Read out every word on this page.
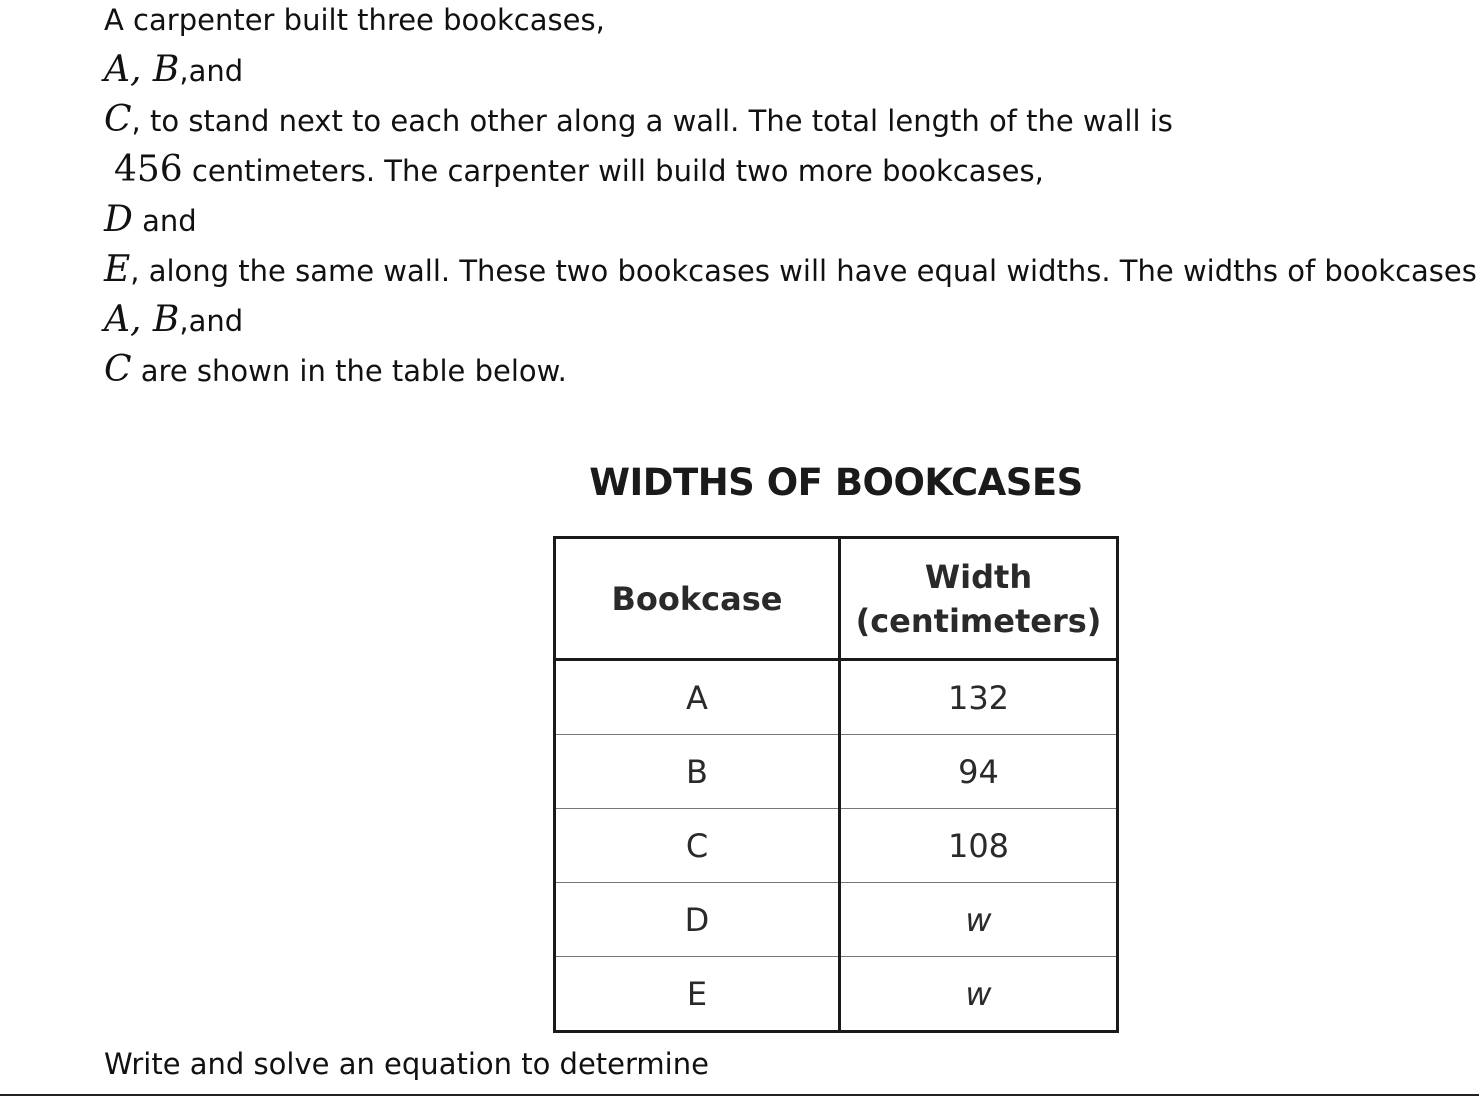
A carpenter built three bookcases,
A, B,and
C, to stand next to each other along a wall. The total length of the wall is
456 centimeters. The carpenter will build two more bookcases,
D and
E, along the same wall. These two bookcases will have equal widths. The widths of bookcases
A, B,and
C are shown in the table below.
WIDTHS OF BOOKCASES
Bookcase	Width
(centimeters)

A	132
B	94
C	108
D	w
E	w
Write and solve an equation to determine
